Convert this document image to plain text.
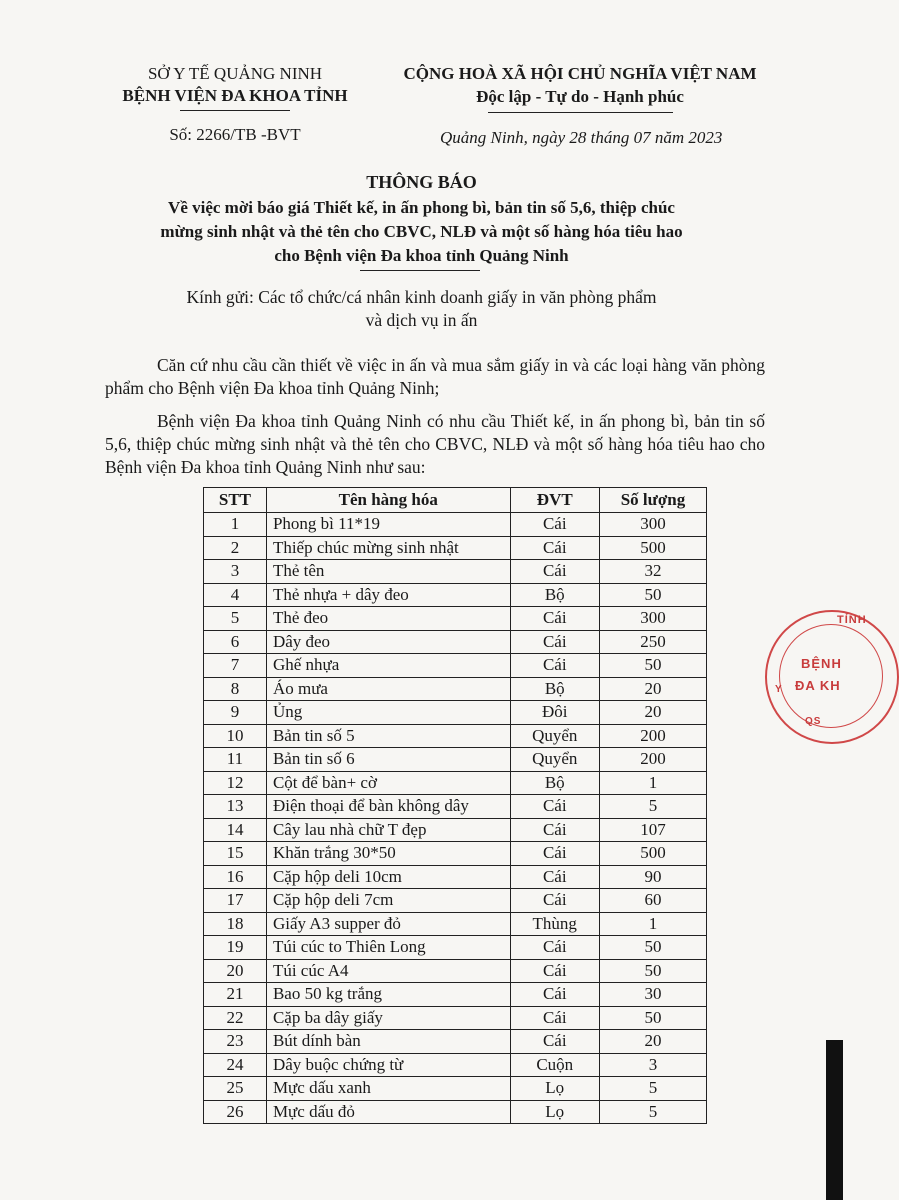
SỞ Y TẾ QUẢNG NINH
BỆNH VIỆN ĐA KHOA TỈNH
Số: 2266/TB -BVT
CỘNG HOÀ XÃ HỘI CHỦ NGHĨA VIỆT NAM
Độc lập - Tự do - Hạnh phúc
Quảng Ninh, ngày 28 tháng 07 năm 2023
THÔNG BÁO
Về việc mời báo giá Thiết kế, in ấn phong bì, bản tin số 5,6, thiệp chúc
mừng sinh nhật và thẻ tên cho CBVC, NLĐ và một số hàng hóa tiêu hao
cho Bệnh viện Đa khoa tỉnh Quảng Ninh
Kính gửi: Các tổ chức/cá nhân kinh doanh giấy in văn phòng phẩm
và dịch vụ in ấn
Căn cứ nhu cầu cần thiết về việc in ấn và mua sắm giấy in và các loại hàng văn phòng phẩm cho Bệnh viện Đa khoa tỉnh Quảng Ninh;
Bệnh viện Đa khoa tỉnh Quảng Ninh có nhu cầu Thiết kế, in ấn phong bì, bản tin số 5,6, thiệp chúc mừng sinh nhật và thẻ tên cho CBVC, NLĐ và một số hàng hóa tiêu hao cho Bệnh viện Đa khoa tỉnh Quảng Ninh như sau:
STT	Tên hàng hóa	ĐVT	Số lượng
1	Phong bì 11*19	Cái	300
2	Thiếp chúc mừng sinh nhật	Cái	500
3	Thẻ tên	Cái	32
4	Thẻ nhựa + dây đeo	Bộ	50
5	Thẻ đeo	Cái	300
6	Dây đeo	Cái	250
7	Ghế nhựa	Cái	50
8	Áo mưa	Bộ	20
9	Ủng	Đôi	20
10	Bản tin số 5	Quyển	200
11	Bản tin số 6	Quyển	200
12	Cột để bàn+ cờ	Bộ	1
13	Điện thoại để bàn không dây	Cái	5
14	Cây lau nhà chữ T đẹp	Cái	107
15	Khăn trắng 30*50	Cái	500
16	Cặp hộp deli 10cm	Cái	90
17	Cặp hộp deli 7cm	Cái	60
18	Giấy A3 supper đỏ	Thùng	1
19	Túi cúc to Thiên Long	Cái	50
20	Túi cúc A4	Cái	50
21	Bao 50 kg trắng	Cái	30
22	Cặp ba dây giấy	Cái	50
23	Bút dính bàn	Cái	20
24	Dây buộc chứng từ	Cuộn	3
25	Mực dấu xanh	Lọ	5
26	Mực dấu đỏ	Lọ	5
TỈNH
BỆNH
ĐA KH
Y
QS
